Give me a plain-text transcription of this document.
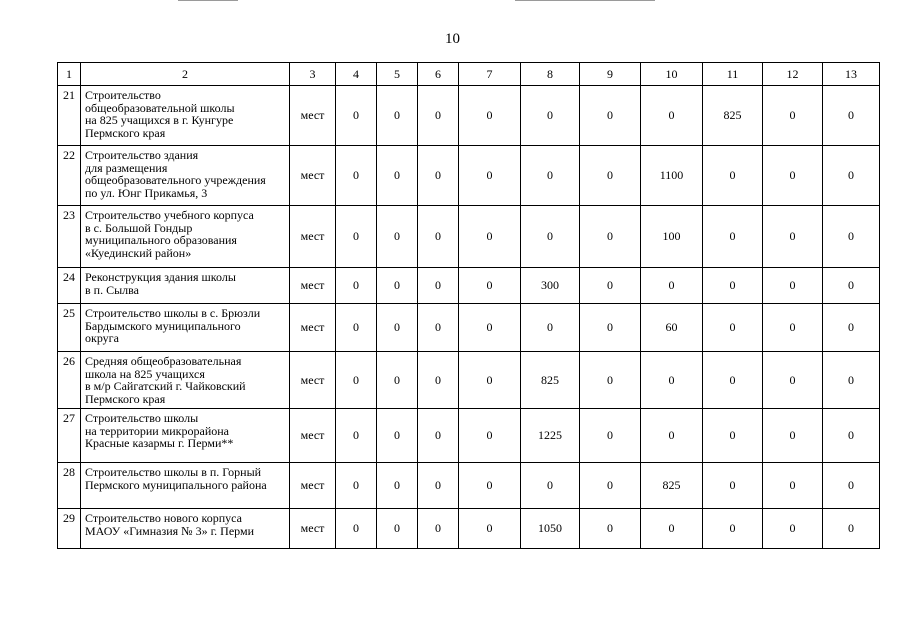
10
1	2	3	4	5	6	7	8	9	10	11	12	13
21	Строительство
общеобразовательной школы
на 825 учащихся в г. Кунгуре
Пермского края	мест	0	0	0	0	0	0	0	825	0	0
22	Строительство здания
для размещения
общеобразовательного учреждения
по ул. Юнг Прикамья, 3	мест	0	0	0	0	0	0	1100	0	0	0
23	Строительство учебного корпуса
в с. Большой Гондыр
муниципального образования
«Куединский район»	мест	0	0	0	0	0	0	100	0	0	0
24	Реконструкция здания школы
в п. Сылва	мест	0	0	0	0	300	0	0	0	0	0
25	Строительство школы в с. Брюзли
Бардымского муниципального
округа	мест	0	0	0	0	0	0	60	0	0	0
26	Средняя общеобразовательная
школа на 825 учащихся
в м/р Сайгатский г. Чайковский
Пермского края	мест	0	0	0	0	825	0	0	0	0	0
27	Строительство школы
на территории микрорайона
Красные казармы г. Перми**	мест	0	0	0	0	1225	0	0	0	0	0
28	Строительство школы в п. Горный
Пермского муниципального района	мест	0	0	0	0	0	0	825	0	0	0
29	Строительство нового корпуса
МАОУ «Гимназия № 3» г. Перми	мест	0	0	0	0	1050	0	0	0	0	0
